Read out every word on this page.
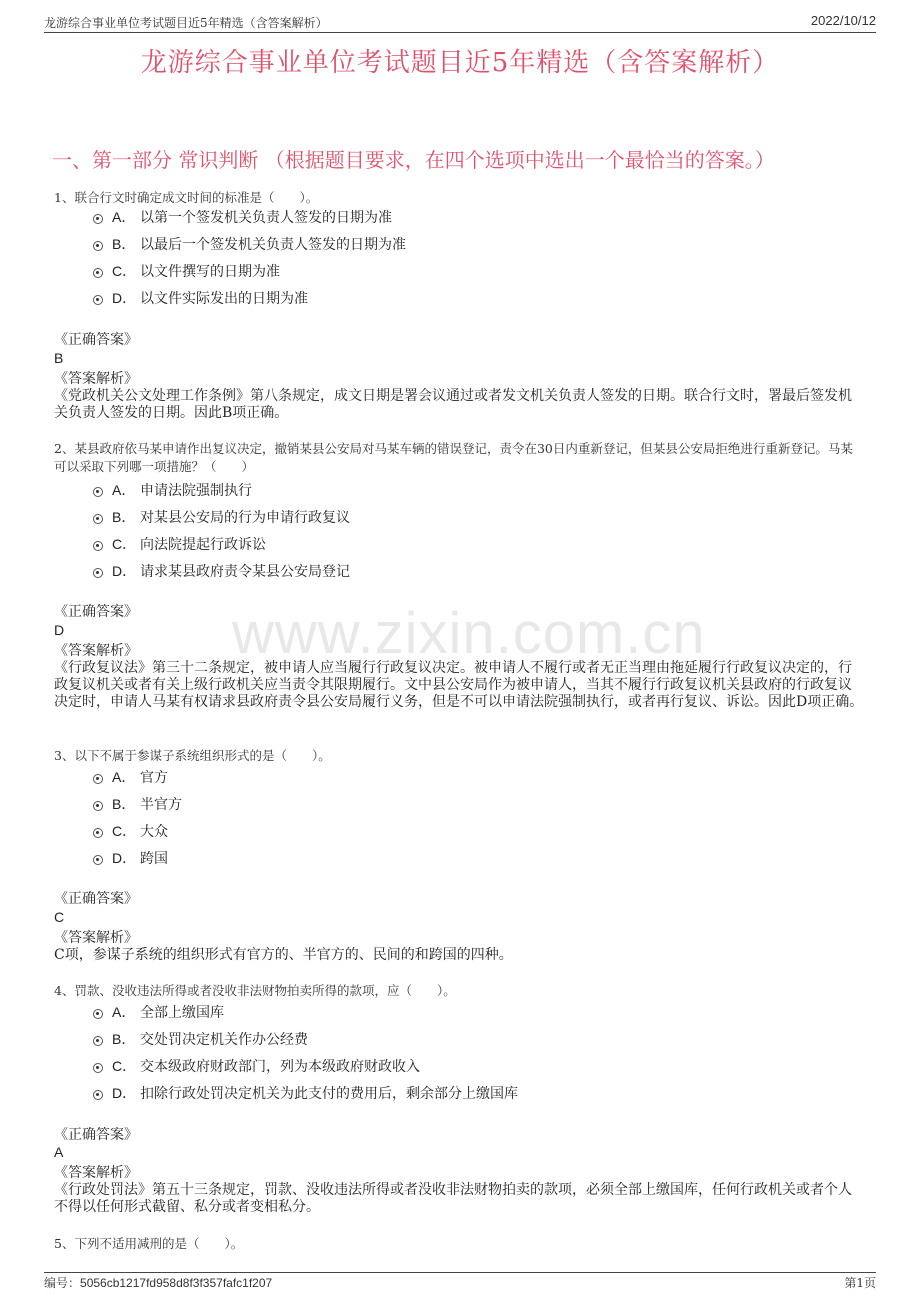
龙游综合事业单位考试题目近5年精选（含答案解析）	2022/10/12
龙游综合事业单位考试题目近5年精选（含答案解析）
一、第一部分 常识判断 （根据题目要求，在四个选项中选出一个最恰当的答案。）
www.zixin.com.cn
1、联合行文时确定成文时间的标准是（　　）。
A． 以第一个签发机关负责人签发的日期为准
B． 以最后一个签发机关负责人签发的日期为准
C． 以文件撰写的日期为准
D． 以文件实际发出的日期为准
《正确答案》
B
《答案解析》
《党政机关公文处理工作条例》第八条规定，成文日期是署会议通过或者发文机关负责人签发的日期。联合行文时，署最后签发机关负责人签发的日期。因此B项正确。
2、某县政府依马某申请作出复议决定，撤销某县公安局对马某车辆的错误登记，责令在30日内重新登记，但某县公安局拒绝进行重新登记。马某可以采取下列哪一项措施？（　　）
A． 申请法院强制执行
B． 对某县公安局的行为申请行政复议
C． 向法院提起行政诉讼
D． 请求某县政府责令某县公安局登记
《正确答案》
D
《答案解析》
《行政复议法》第三十二条规定，被申请人应当履行行政复议决定。被申请人不履行或者无正当理由拖延履行行政复议决定的，行政复议机关或者有关上级行政机关应当责令其限期履行。文中县公安局作为被申请人，当其不履行行政复议机关县政府的行政复议决定时，申请人马某有权请求县政府责令县公安局履行义务，但是不可以申请法院强制执行，或者再行复议、诉讼。因此D项正确。
3、以下不属于参谋子系统组织形式的是（　　）。
A． 官方
B． 半官方
C． 大众
D． 跨国
《正确答案》
C
《答案解析》
C项，参谋子系统的组织形式有官方的、半官方的、民间的和跨国的四种。
4、罚款、没收违法所得或者没收非法财物拍卖所得的款项，应（　　）。
A． 全部上缴国库
B． 交处罚决定机关作办公经费
C． 交本级政府财政部门，列为本级政府财政收入
D． 扣除行政处罚决定机关为此支付的费用后，剩余部分上缴国库
《正确答案》
A
《答案解析》
《行政处罚法》第五十三条规定，罚款、没收违法所得或者没收非法财物拍卖的款项，必须全部上缴国库，任何行政机关或者个人不得以任何形式截留、私分或者变相私分。
5、下列不适用减刑的是（　　）。
编号：5056cb1217fd958d8f3f357fafc1f207	第1页
